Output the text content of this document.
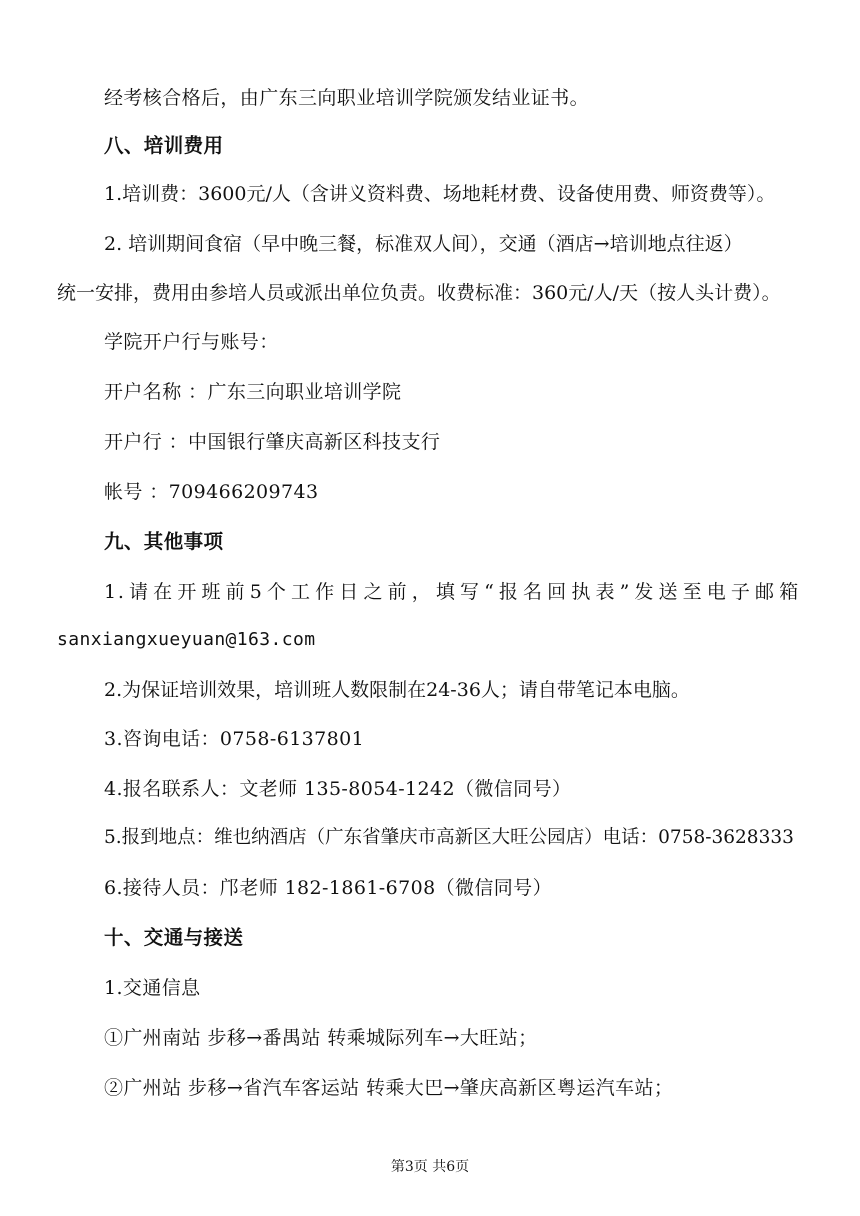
经考核合格后，由广东三向职业培训学院颁发结业证书。
八、培训费用
1.培训费：3600元/人（含讲义资料费、场地耗材费、设备使用费、师资费等）。
2. 培训期间食宿（早中晚三餐，标准双人间），交通（酒店→培训地点往返）
统一安排，费用由参培人员或派出单位负责。收费标准：360元/人/天（按人头计费）。
学院开户行与账号：
开户名称 ：广东三向职业培训学院
开户行 ：中国银行肇庆高新区科技支行
帐号 ：709466209743
九、其他事项
1.请在开班前5个工作日之前，填写“报名回执表”发送至电子邮箱
sanxiangxueyuan@163.com
2.为保证培训效果，培训班人数限制在24-36人；请自带笔记本电脑。
3.咨询电话：0758-6137801
4.报名联系人：文老师 135-8054-1242（微信同号）
5.报到地点：维也纳酒店（广东省肇庆市高新区大旺公园店）电话：0758-3628333
6.接待人员：邝老师 182-1861-6708（微信同号）
十、交通与接送
1.交通信息
①广州南站 步移→番禺站 转乘城际列车→大旺站；
②广州站 步移→省汽车客运站 转乘大巴→肇庆高新区粤运汽车站；
第3页 共6页
